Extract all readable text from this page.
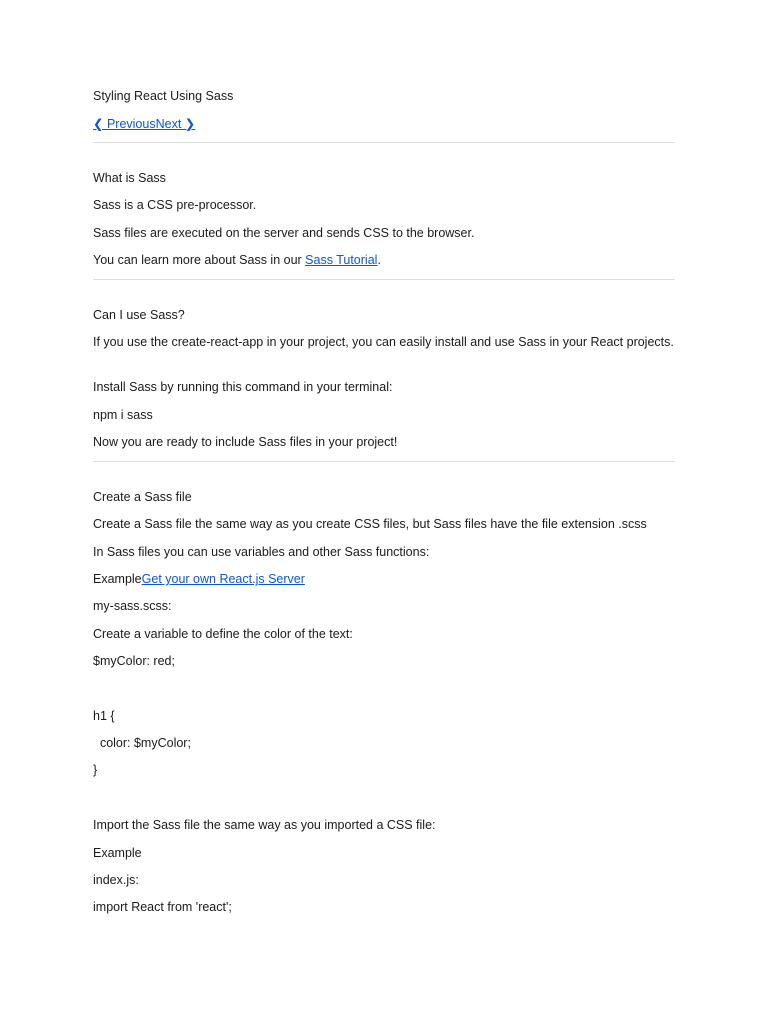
Styling React Using Sass
❮ PreviousNext ❯
What is Sass
Sass is a CSS pre-processor.
Sass files are executed on the server and sends CSS to the browser.
You can learn more about Sass in our Sass Tutorial.
Can I use Sass?
If you use the create-react-app in your project, you can easily install and use Sass in your React projects.
Install Sass by running this command in your terminal:
npm i sass
Now you are ready to include Sass files in your project!
Create a Sass file
Create a Sass file the same way as you create CSS files, but Sass files have the file extension .scss
In Sass files you can use variables and other Sass functions:
ExampleGet your own React.js Server
my-sass.scss:
Create a variable to define the color of the text:
$myColor: red;
h1 {
color: $myColor;
}
Import the Sass file the same way as you imported a CSS file:
Example
index.js:
import React from 'react';
